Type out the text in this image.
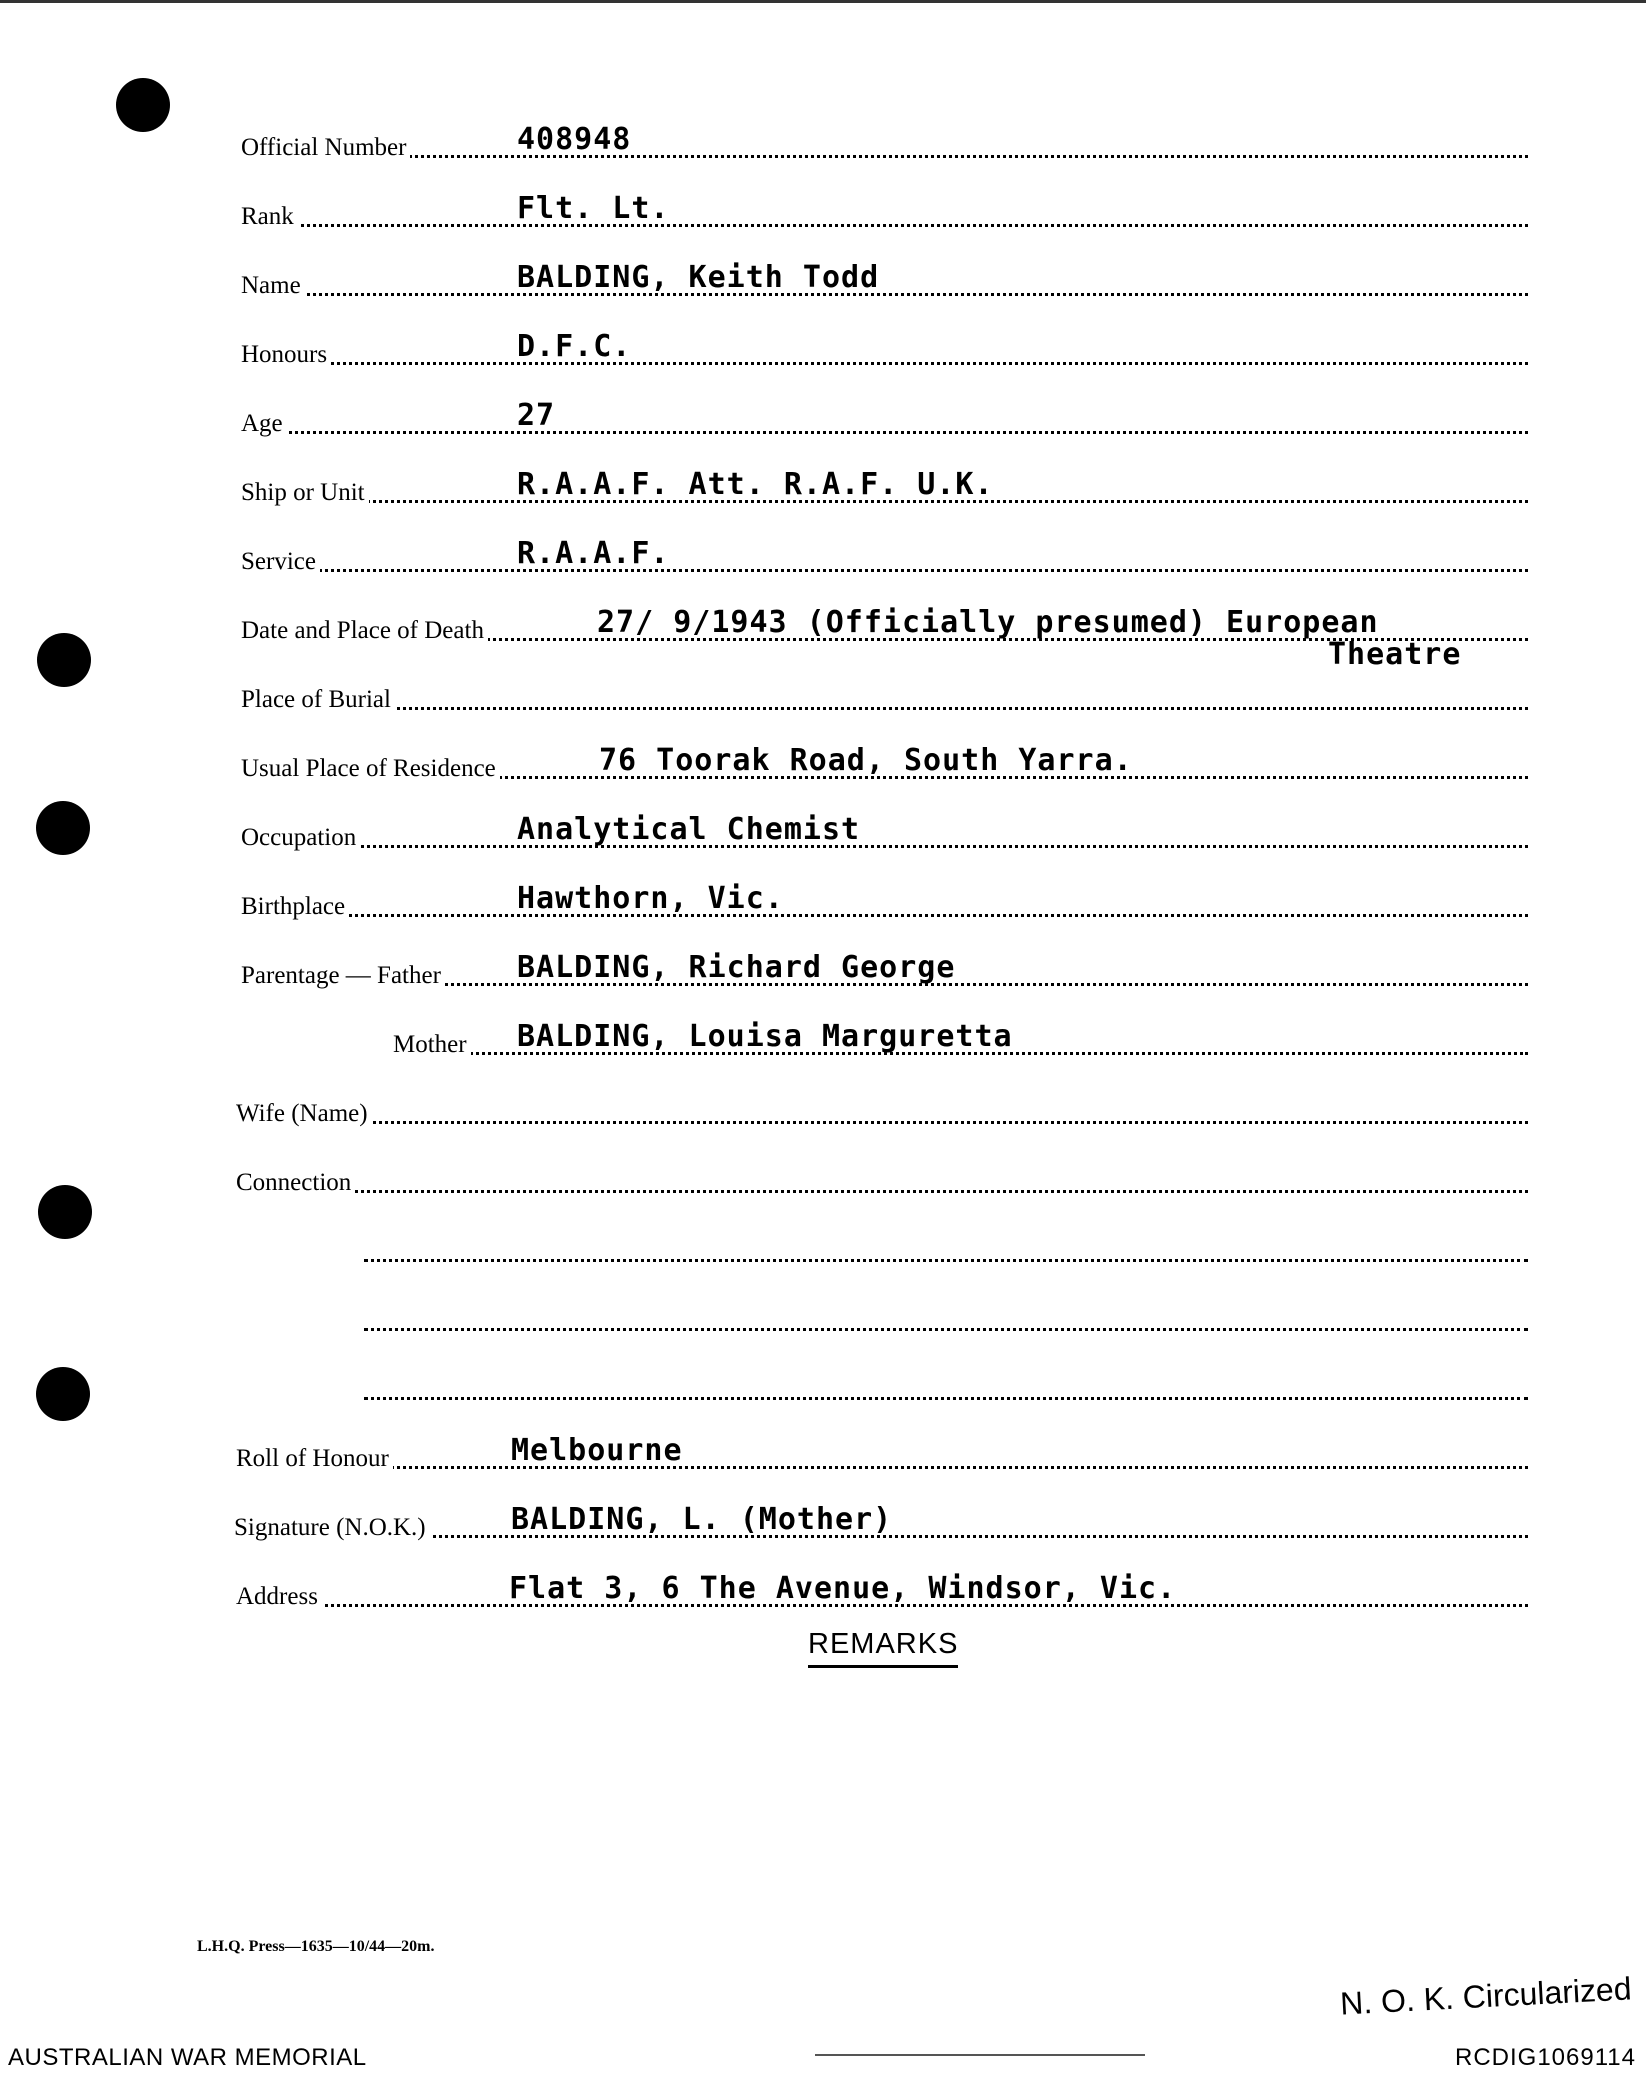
Official Number	408948
Rank	Flt. Lt.
Name	BALDING, Keith Todd
Honours	D.F.C.
Age	27
Ship or Unit	R.A.A.F. Att. R.A.F. U.K.
Service	R.A.A.F.
Date and Place of Death	27/ 9/1943 (Officially presumed) European
Theatre
Place of Burial
Usual Place of Residence	76 Toorak Road, South Yarra.
Occupation	Analytical Chemist
Birthplace	Hawthorn, Vic.
Parentage — Father	BALDING, Richard George
Mother BALDING, Louisa Marguretta
Wife (Name)
Connection
Roll of Honour	Melbourne
Signature (N.O.K.)	BALDING, L. (Mother)
Address	Flat 3, 6 The Avenue, Windsor, Vic.
REMARKS
L.H.Q. Press—1635—10/44—20m.
N. O. K. Circularized
AUSTRALIAN WAR MEMORIAL	RCDIG1069114
